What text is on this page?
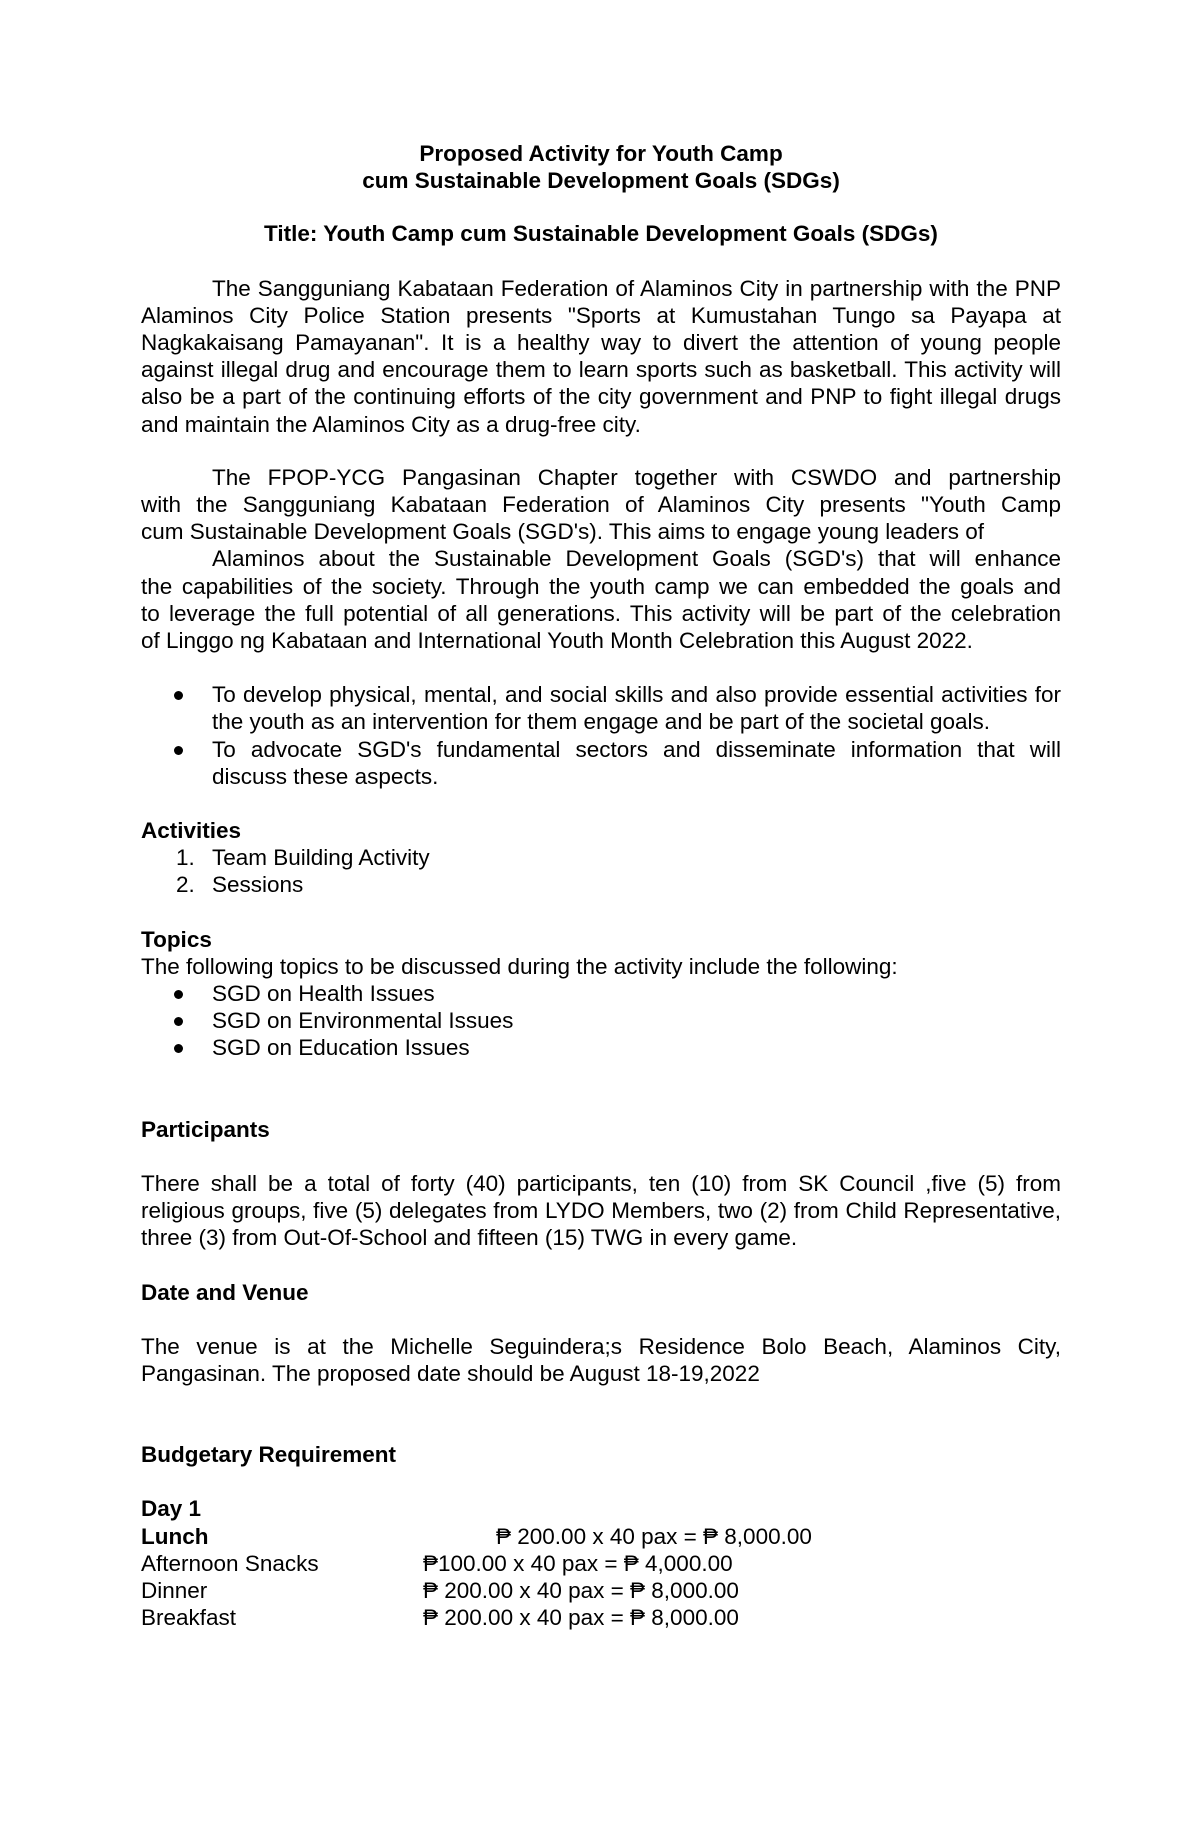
Proposed Activity for Youth Camp
cum Sustainable Development Goals (SDGs)
Title: Youth Camp cum Sustainable Development Goals (SDGs)

The Sangguniang Kabataan Federation of Alaminos City in partnership with the PNP Alaminos City Police Station presents "Sports at Kumustahan Tungo sa Payapa at Nagkakaisang Pamayanan". It is a healthy way to divert the attention of young people against illegal drug and encourage them to learn sports such as basketball. This activity will also be a part of the continuing efforts of the city government and PNP to fight illegal drugs and maintain the Alaminos City as a drug-free city.

The FPOP-YCG Pangasinan Chapter together with CSWDO and partnership
with the Sangguniang Kabataan Federation of Alaminos City presents "Youth Camp
cum Sustainable Development Goals (SGD's). This aims to engage young leaders of
Alaminos about the Sustainable Development Goals (SGD's) that will enhance
the capabilities of the society. Through the youth camp we can embedded the goals and
to leverage the full potential of all generations. This activity will be part of the celebration
of Linggo ng Kabataan and International Youth Month Celebration this August 2022.
To develop physical, mental, and social skills and also provide essential activities for the youth as an intervention for them engage and be part of the societal goals.
To advocate SGD's fundamental sectors and disseminate information that will discuss these aspects.
Activities
1. Team Building Activity
2. Sessions
Topics

The following topics to be discussed during the activity include the following:

SGD on Health Issues
SGD on Environmental Issues
SGD on Education Issues
Participants

There shall be a total of forty (40) participants, ten (10) from SK Council ,five (5) from religious groups, five (5) delegates from LYDO Members, two (2) from Child Representative, three (3) from Out-Of-School and fifteen (15) TWG in every game.

Date and Venue

The venue is at the Michelle Seguindera;s Residence Bolo Beach, Alaminos City, Pangasinan. The proposed date should be August 18-19,2022

Budgetary Requirement
Day 1
Lunch	₱ 200.00 x 40 pax = ₱ 8,000.00
Afternoon Snacks	₱100.00 x 40 pax = ₱ 4,000.00
Dinner	₱ 200.00 x 40 pax = ₱ 8,000.00
Breakfast	₱ 200.00 x 40 pax = ₱ 8,000.00
